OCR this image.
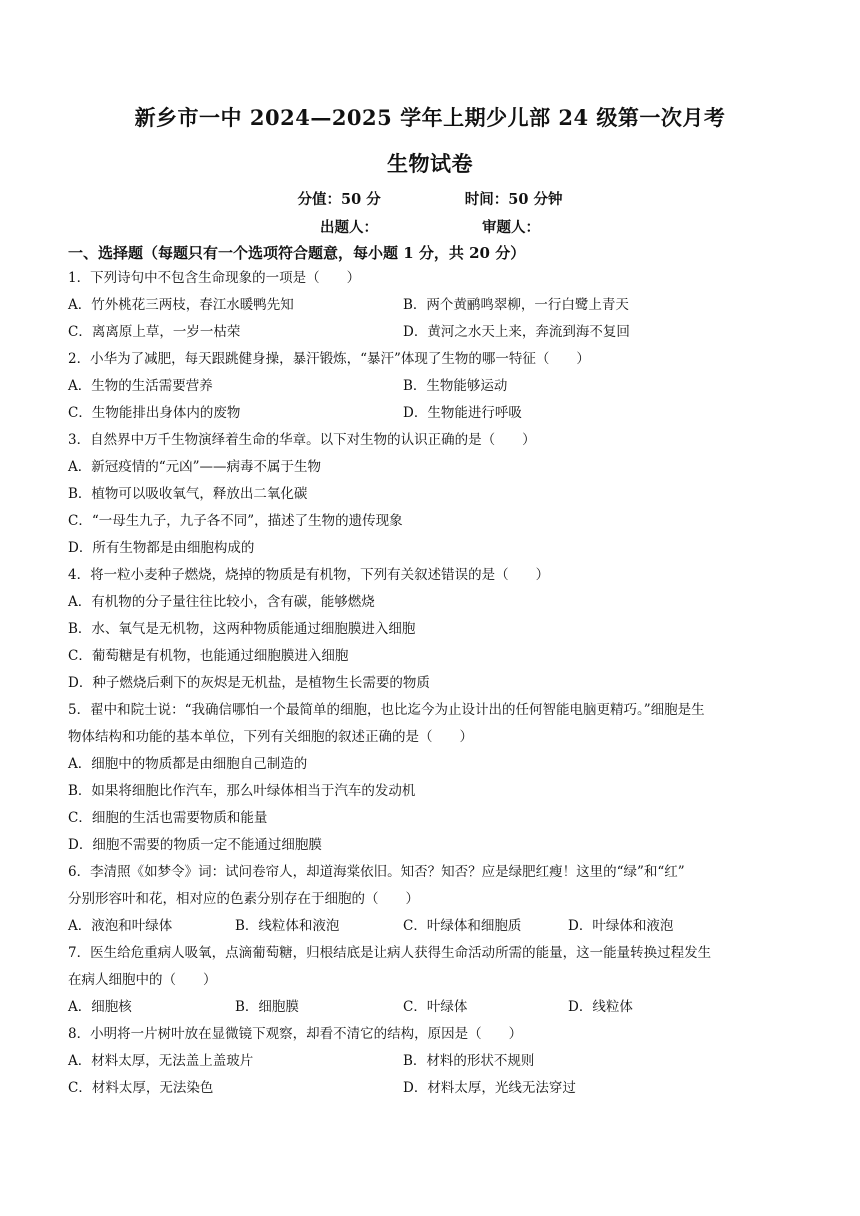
新乡市一中 2024—2025 学年上期少儿部 24 级第一次月考
生物试卷
分值：50 分	时间：50 分钟
出题人：	审题人：
一、选择题（每题只有一个选项符合题意，每小题 1 分，共 20 分）
1．下列诗句中不包含生命现象的一项是（　　）
A．竹外桃花三两枝，春江水暖鸭先知	B．两个黄鹂鸣翠柳，一行白鹭上青天
C．离离原上草，一岁一枯荣	D．黄河之水天上来，奔流到海不复回
2．小华为了减肥，每天跟跳健身操，暴汗锻炼，“暴汗”体现了生物的哪一特征（　　）
A．生物的生活需要营养	B．生物能够运动
C．生物能排出身体内的废物	D．生物能进行呼吸
3．自然界中万千生物演绎着生命的华章。以下对生物的认识正确的是（　　）
A．新冠疫情的“元凶”——病毒不属于生物
B．植物可以吸收氧气，释放出二氧化碳
C．“一母生九子，九子各不同”，描述了生物的遗传现象
D．所有生物都是由细胞构成的
4．将一粒小麦种子燃烧，烧掉的物质是有机物，下列有关叙述错误的是（　　）
A．有机物的分子量往往比较小，含有碳，能够燃烧
B．水、氧气是无机物，这两种物质能通过细胞膜进入细胞
C．葡萄糖是有机物，也能通过细胞膜进入细胞
D．种子燃烧后剩下的灰烬是无机盐，是植物生长需要的物质
5．翟中和院士说：“我确信哪怕一个最简单的细胞，也比迄今为止设计出的任何智能电脑更精巧。”细胞是生
物体结构和功能的基本单位，下列有关细胞的叙述正确的是（　　）
A．细胞中的物质都是由细胞自己制造的
B．如果将细胞比作汽车，那么叶绿体相当于汽车的发动机
C．细胞的生活也需要物质和能量
D．细胞不需要的物质一定不能通过细胞膜
6．李清照《如梦令》词：试问卷帘人，却道海棠依旧。知否？知否？应是绿肥红瘦！这里的“绿”和“红”
分别形容叶和花，相对应的色素分别存在于细胞的（　　）
A．液泡和叶绿体	B．线粒体和液泡	C．叶绿体和细胞质	D．叶绿体和液泡
7．医生给危重病人吸氧，点滴葡萄糖，归根结底是让病人获得生命活动所需的能量，这一能量转换过程发生
在病人细胞中的（　　）
A．细胞核	B．细胞膜	C．叶绿体	D．线粒体
8．小明将一片树叶放在显微镜下观察，却看不清它的结构，原因是（　　）
A．材料太厚，无法盖上盖玻片	B．材料的形状不规则
C．材料太厚，无法染色	D．材料太厚，光线无法穿过
